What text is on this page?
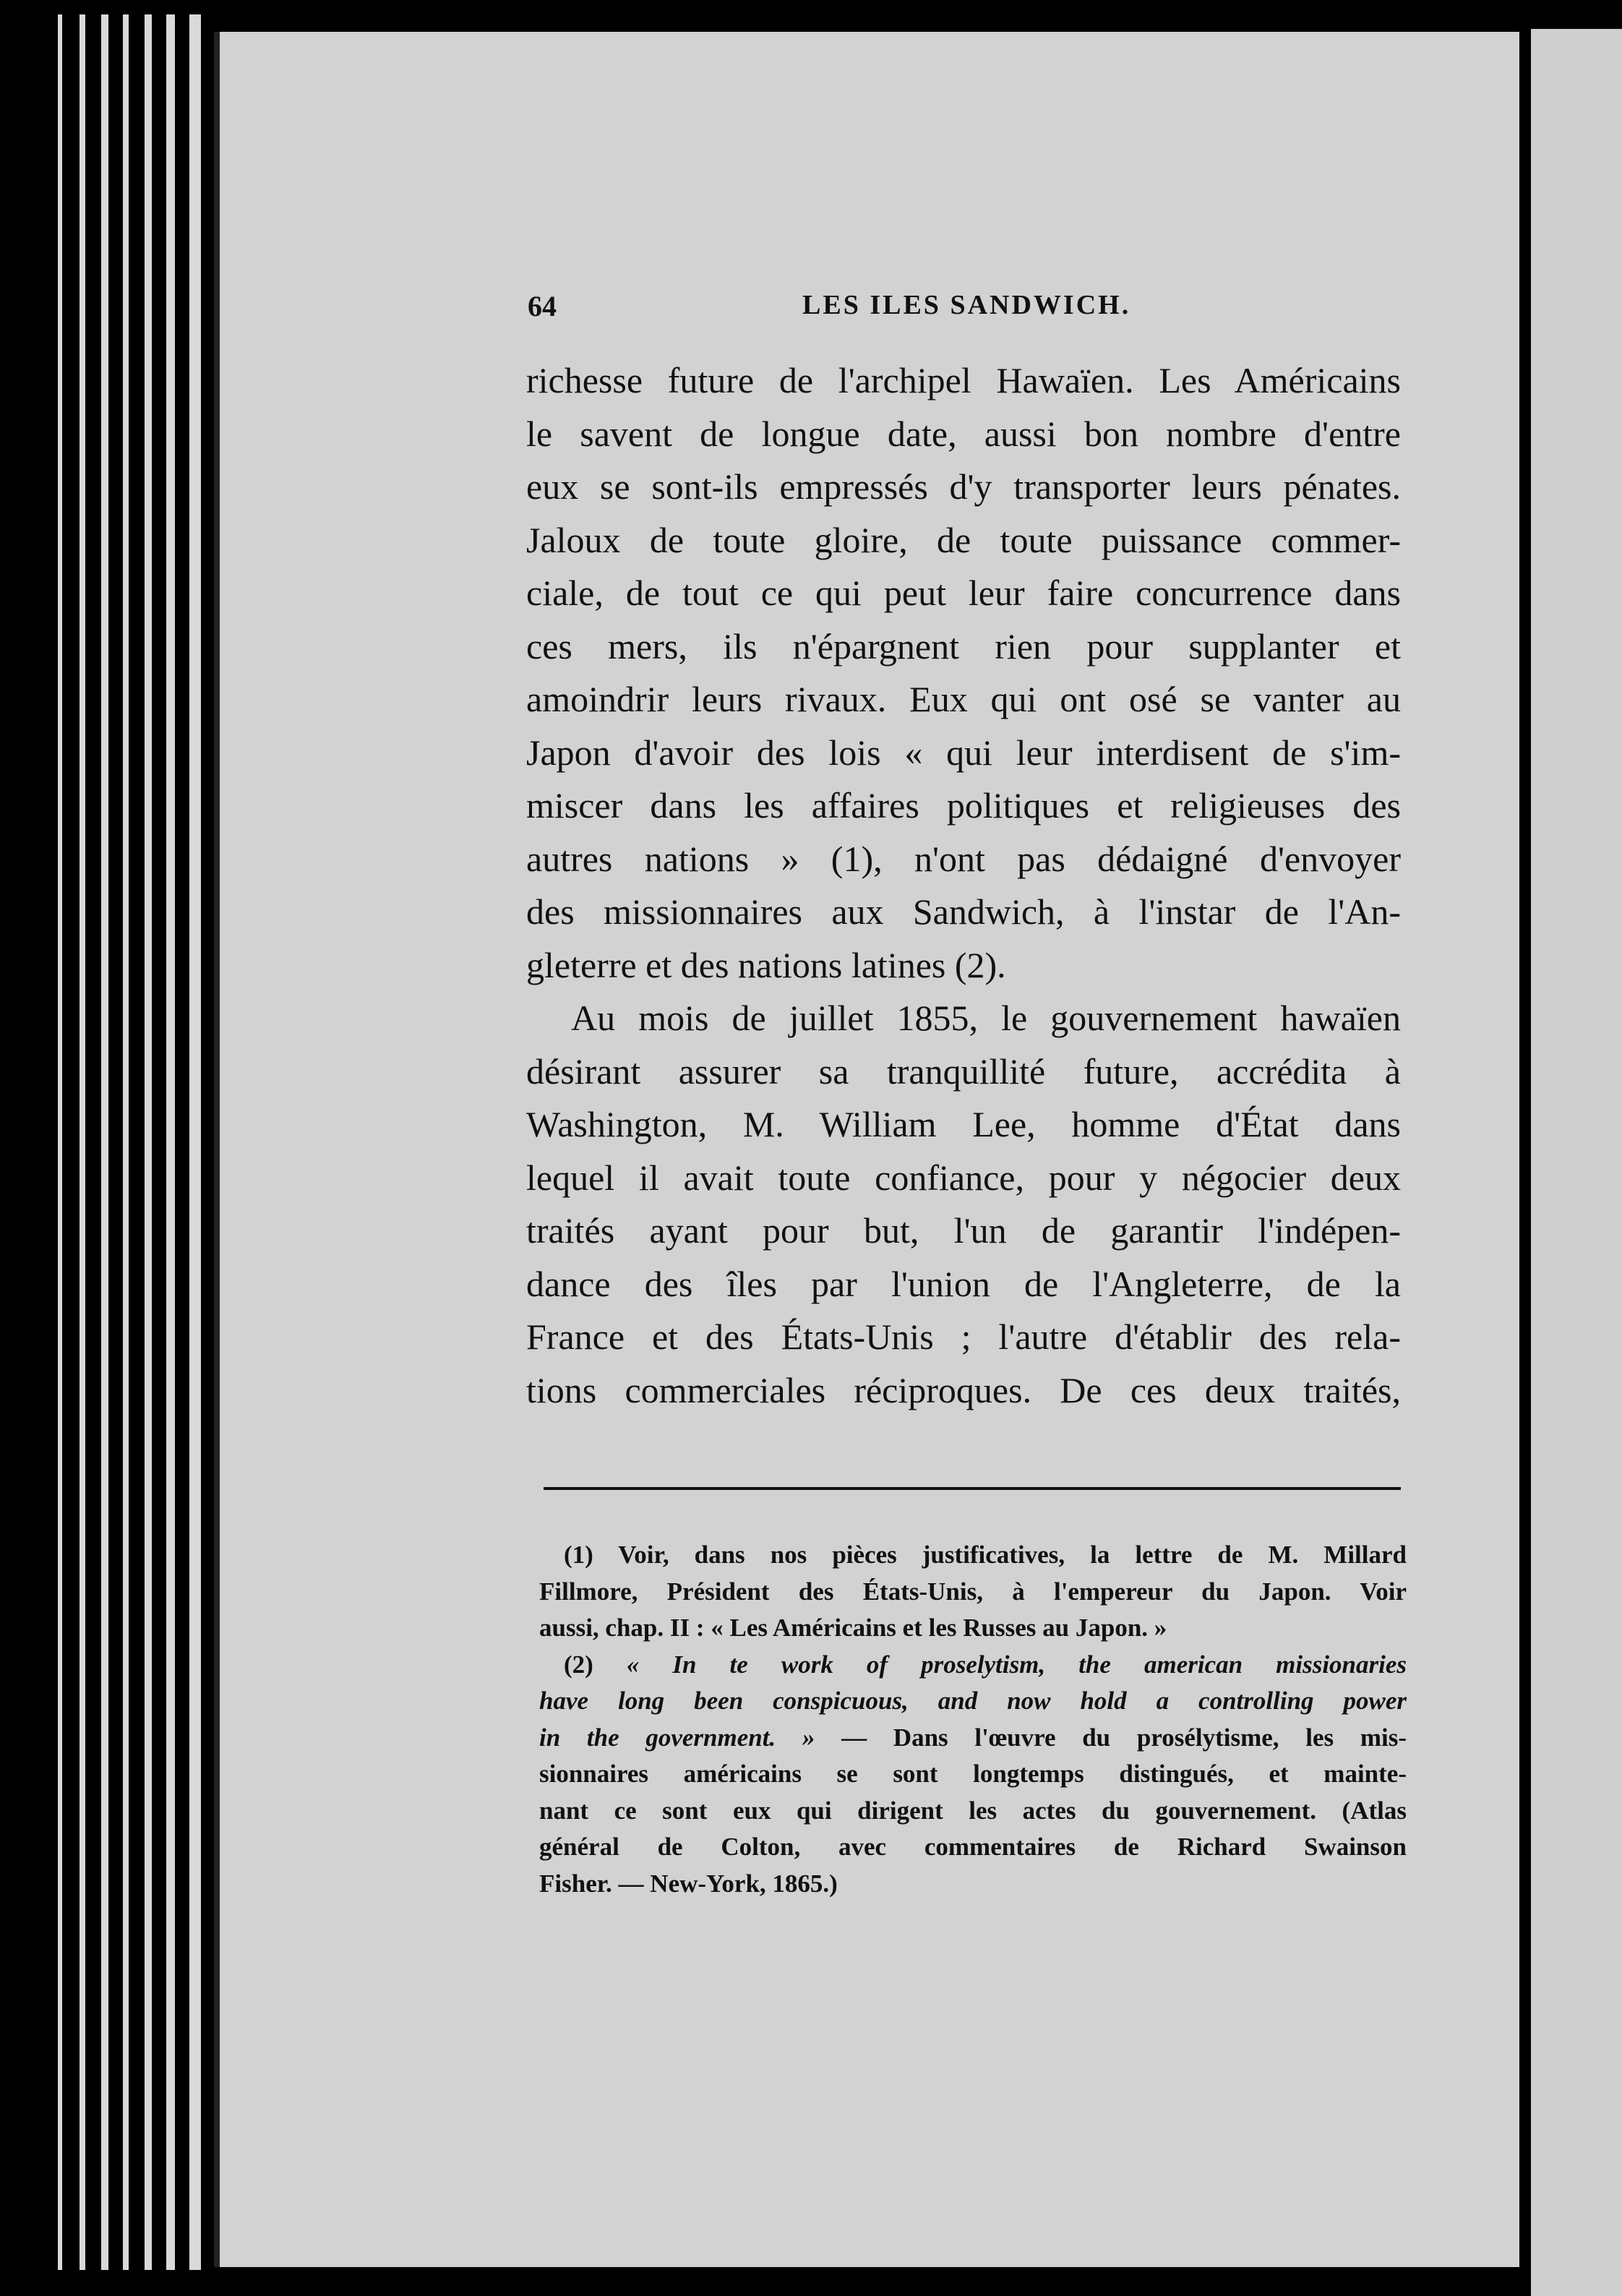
64	LES ILES SANDWICH.
richesse future de l'archipel Hawaïen. Les Américains
le savent de longue date, aussi bon nombre d'entre
eux se sont-ils empressés d'y transporter leurs pénates.
Jaloux de toute gloire, de toute puissance commer-
ciale, de tout ce qui peut leur faire concurrence dans
ces mers, ils n'épargnent rien pour supplanter et
amoindrir leurs rivaux. Eux qui ont osé se vanter au
Japon d'avoir des lois « qui leur interdisent de s'im-
miscer dans les affaires politiques et religieuses des
autres nations » (1), n'ont pas dédaigné d'envoyer
des missionnaires aux Sandwich, à l'instar de l'An-
gleterre et des nations latines (2).
Au mois de juillet 1855, le gouvernement hawaïen
désirant assurer sa tranquillité future, accrédita à
Washington, M. William Lee, homme d'État dans
lequel il avait toute confiance, pour y négocier deux
traités ayant pour but, l'un de garantir l'indépen-
dance des îles par l'union de l'Angleterre, de la
France et des États-Unis ; l'autre d'établir des rela-
tions commerciales réciproques. De ces deux traités,
(1) Voir, dans nos pièces justificatives, la lettre de M. Millard
Fillmore, Président des États-Unis, à l'empereur du Japon. Voir
aussi, chap. II : « Les Américains et les Russes au Japon. »
(2) « In te work of proselytism, the american missionaries
have long been conspicuous, and now hold a controlling power
in the government. » — Dans l'œuvre du prosélytisme, les mis-
sionnaires américains se sont longtemps distingués, et mainte-
nant ce sont eux qui dirigent les actes du gouvernement. (Atlas
général de Colton, avec commentaires de Richard Swainson
Fisher. — New-York, 1865.)
